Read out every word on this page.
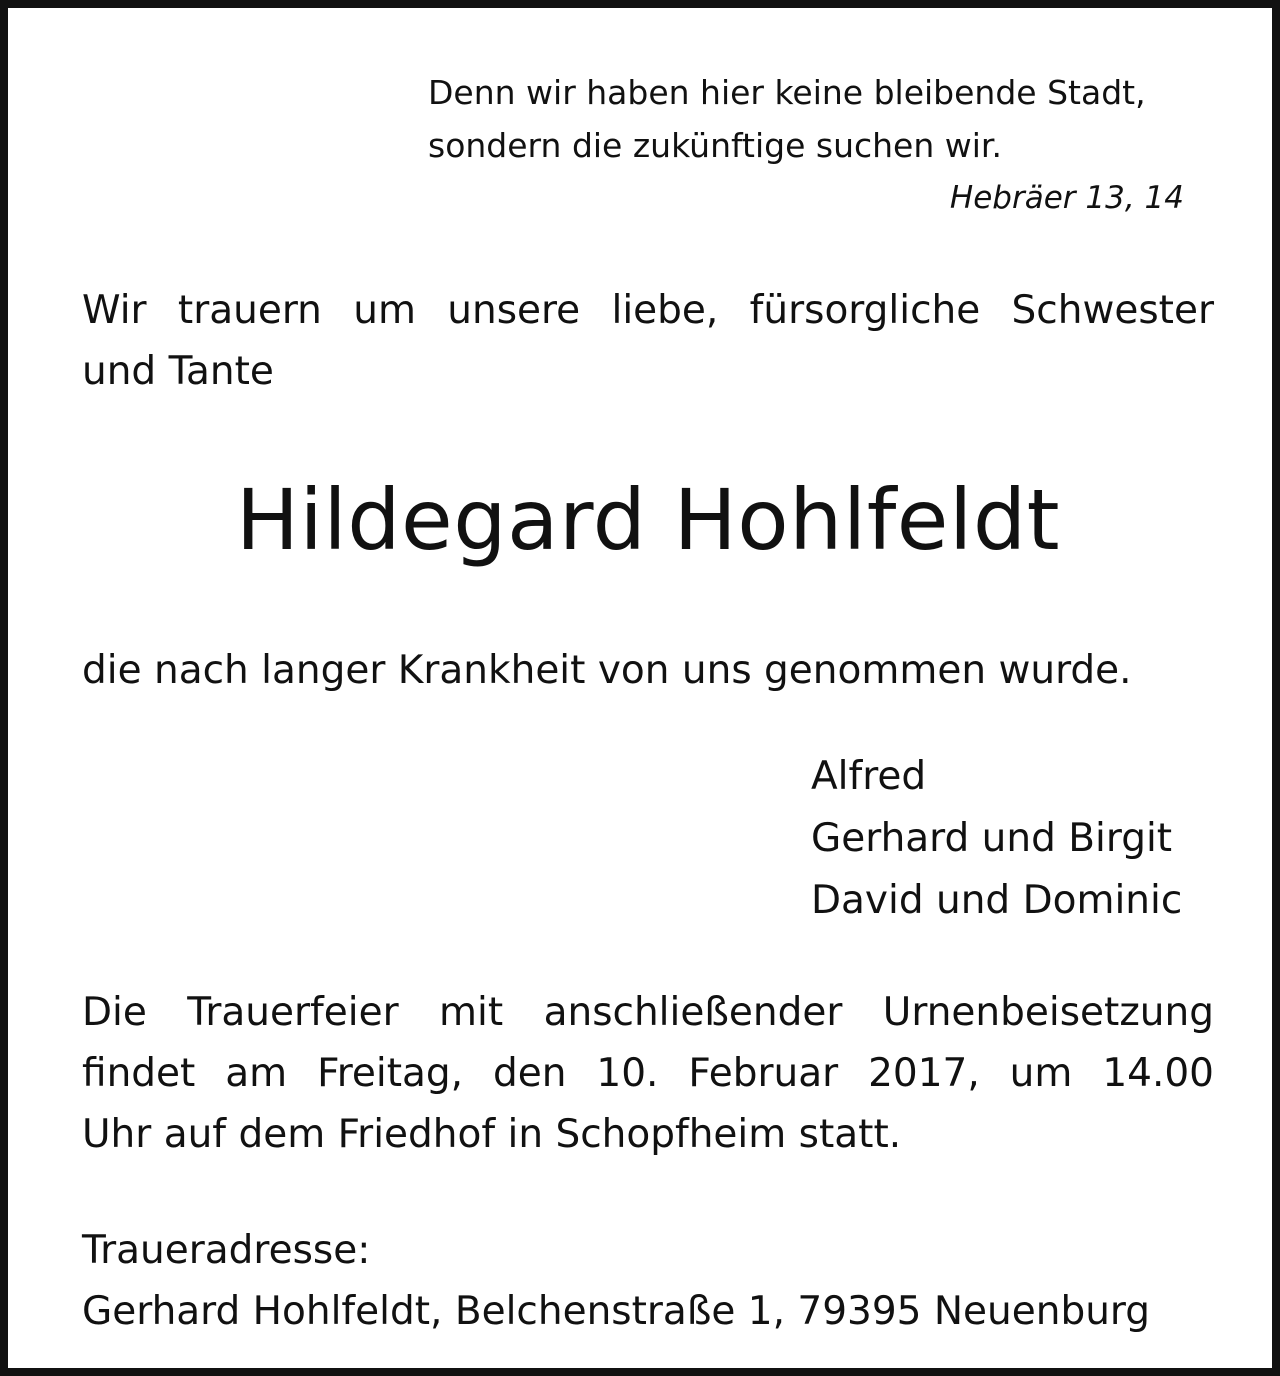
Denn wir haben hier keine bleibende Stadt,
sondern die zukünftige suchen wir.
Hebräer 13, 14
Wir trauern um unsere liebe, fürsorgliche Schwester
und Tante
Hildegard Hohlfeldt
die nach langer Krankheit von uns genommen wurde.
Alfred
Gerhard und Birgit
David und Dominic
Die Trauerfeier mit anschließender Urnenbeisetzung
findet am Freitag, den 10. Februar 2017, um 14.00
Uhr auf dem Friedhof in Schopfheim statt.
Traueradresse:
Gerhard Hohlfeldt, Belchenstraße 1, 79395 Neuenburg
